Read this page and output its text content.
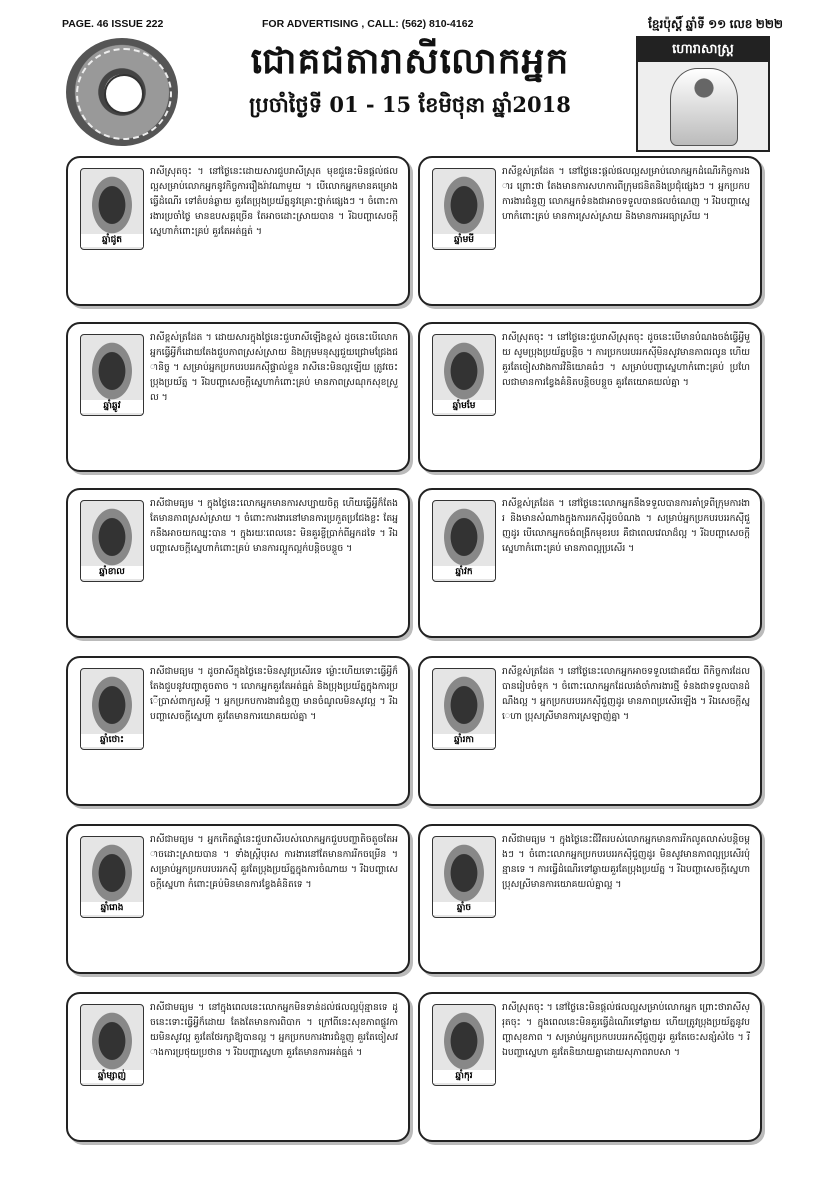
PAGE. 46 ISSUE 222	FOR ADVERTISING , CALL: (562) 810-4162	ខ្មែរប៉ុស្តិ៍ ឆ្នាំទី ១១ លេខ ២២២
ជោគជតារាសីលោកអ្នក
ប្រចាំថ្ងៃទី 01 - 15 ខែមិថុនា ឆ្នាំ2018
ហោរាសាស្ត្រ
ឆ្នាំជូត
រាសីស្រុតចុះ ។ នៅថ្ងៃនេះដោយសារជួបរាសីស្រុត មុខជួនេះមិនផ្តល់ផលល្អសម្រាប់លោកអ្នកនូវកិច្ចការរឿងរ៉ាវណាមួយ ។ បើលោកអ្នកមានគម្រោងធ្វើដំណើរ ទៅតំបន់ឆ្ងាយ គួរតែប្រុងប្រយ័ត្ននូវគ្រោះថ្នាក់ផ្សេងៗ ។ ចំពោះការងារប្រចាំថ្ងៃ មានឧបសគ្គច្រើន តែអាចដោះស្រាយបាន ។ រីឯបញ្ហាសេចក្តីស្នេហាកំពោះគ្រប់ គួរតែអត់ធ្មត់ ។
ឆ្នាំមមី
រាសីខ្ពស់ត្រដែត ។ នៅថ្ងៃនេះផ្តល់ផលល្អសម្រាប់លោកអ្នកដំណើរកិច្ចការងារ ព្រោះថា តែងមានការសហការពីក្រុមជនិតនិងប្រជុំផ្សេងៗ ។ អ្នកប្រកបការងារជំនួញ លោកអ្នកទំនងជាអាចទទួលបានផលចំណេញ ។ រីឯបញ្ហាស្នេហាកំពោះគ្រប់ មានការស្រស់ស្រាយ និងមានការអធ្យាស្រ័យ ។
ឆ្នាំឆ្លូវ
រាសីខ្ពស់ត្រដែត ។ ដោយសារក្នុងថ្ងៃនេះជួបរាសីឡើងខ្ពស់ ដូចនេះបើលោកអ្នកធ្វើអ្វីក៏ដោយតែងជួបភាពស្រស់ស្រាយ និងក្រុមមនុស្សជួយជ្រោមជ្រែងជានិច្ច ។ សម្រាប់អ្នកប្រកបរបររកស៊ីផ្ទាល់ខ្លួន រាសីនេះមិនល្អឡើយ ត្រូវចេះប្រុងប្រយ័ត្ន ។ រីឯបញ្ហាសេចក្តីស្នេហាកំពោះគ្រប់ មានភាពស្រណុកសុខស្រួល ។
ឆ្នាំមមែ
រាសីស្រុតចុះ ។ នៅថ្ងៃនេះជួបរាសីស្រុតចុះ ដូចនេះបើមានបំណងចង់ធ្វើអ្វីមួយ សូមប្រុងប្រយ័ត្នបន្តិច ។ ការប្រកបរបររកស៊ីមិនសូវមានភាពរលូន ហើយគួរតែចៀសវាងការវិនិយោគធំៗ ។ សម្រាប់បញ្ហាស្នេហាកំពោះគ្រប់ ប្រហែលជាមានការខ្វែងគំនិតបន្តិចបន្តួច គួរតែយោគយល់គ្នា ។
ឆ្នាំខាល
រាសីជាមធ្យម ។ ក្នុងថ្ងៃនេះលោកអ្នកមានការសប្បាយចិត្ត ហើយធ្វើអ្វីក៏តែងតែមានភាពស្រស់ស្រាយ ។ ចំពោះការងារនៅមានការប្រកួតប្រជែងខ្លះ តែអ្នកនឹងអាចយកឈ្នះបាន ។ ក្នុងរយៈពេលនេះ មិនគួរខ្ចីប្រាក់ពីអ្នកដទៃ ។ រីឯបញ្ហាសេចក្តីស្នេហាកំពោះគ្រប់ មានការល្អូកល្អក់បន្តិចបន្តួច ។
ឆ្នាំវក
រាសីខ្ពស់ត្រដែត ។ នៅថ្ងៃនេះលោកអ្នកនឹងទទួលបានការគាំទ្រពីក្រុមការងារ និងមានសំណាងក្នុងការរកស៊ីដូចបំណង ។ សម្រាប់អ្នកប្រកបរបររកស៊ីជួញដូរ បើលោកអ្នកចង់ពង្រីកមុខរបរ គឺជាពេលវេលាដ៏ល្អ ។ រីឯបញ្ហាសេចក្តីស្នេហាកំពោះគ្រប់ មានភាពល្អប្រសើរ ។
ឆ្នាំថោះ
រាសីជាមធ្យម ។ ដូចរាសីក្នុងថ្ងៃនេះមិនសូវប្រសើរទេ ម៉្លោះហើយទោះធ្វើអ្វីក៏តែងជួបនូវបញ្ហាតូចតាច ។ លោកអ្នកគួរតែអត់ធ្មត់ និងប្រុងប្រយ័ត្នក្នុងការប្រើប្រាស់ពាក្យសម្តី ។ អ្នកប្រកបការងារជំនួញ មានចំណូលមិនសូវល្អ ។ រីឯបញ្ហាសេចក្តីស្នេហា គួរតែមានការយោគយល់គ្នា ។
ឆ្នាំរកា
រាសីខ្ពស់ត្រដែត ។ នៅថ្ងៃនេះលោកអ្នកអាចទទួលជោគជ័យ ពីកិច្ចការដែលបានរៀបចំទុក ។ ចំពោះលោកអ្នកដែលរង់ចាំការងារថ្មី ទំនងជាទទួលបានដំណឹងល្អ ។ អ្នកប្រកបរបររកស៊ីជួញដូរ មានភាពប្រសើរឡើង ។ រីឯសេចក្តីស្នេហា ប្រុសស្រីមានការស្រឡាញ់គ្នា ។
ឆ្នាំរោង
រាសីជាមធ្យម ។ អ្នកកើតឆ្នាំនេះជួបរាសីរបស់លោកអ្នកជួបបញ្ហាតិចតួចតែអាចដោះស្រាយបាន ។ ទាំងស្ត្រីបុរស ការងារនៅតែមានការរីកចម្រើន ។ សម្រាប់អ្នកប្រកបរបររកស៊ី គួរតែប្រុងប្រយ័ត្នក្នុងការចំណាយ ។ រីឯបញ្ហាសេចក្តីស្នេហា កំពោះគ្រប់មិនមានការខ្វែងគំនិតទេ ។
ឆ្នាំច
រាសីជាមធ្យម ។ ក្នុងថ្ងៃនេះជីវិតរបស់លោកអ្នកមានការរីកលូតលាស់បន្តិចម្តងៗ ។ ចំពោះលោកអ្នកប្រកបរបររកស៊ីជួញដូរ មិនសូវមានភាពល្អប្រសើរប៉ុន្មានទេ ។ ការធ្វើដំណើរទៅឆ្ងាយគួរតែប្រុងប្រយ័ត្ន ។ រីឯបញ្ហាសេចក្តីស្នេហា ប្រុសស្រីមានការយោគយល់គ្នាល្អ ។
ឆ្នាំម្សាញ់
រាសីជាមធ្យម ។ នៅក្នុងពេលនេះលោកអ្នកមិនទាន់ដល់ផលល្អប៉ុន្មានទេ ដូចនេះទោះធ្វើអ្វីក៏ដោយ តែងតែមានការពិបាក ។ ក្រៅពីនេះសុខភាពផ្លូវកាយមិនសូវល្អ គួរតែថែរក្សាឱ្យបានល្អ ។ អ្នកប្រកបការងារជំនួញ គួរតែចៀសវាងការប្រថុយប្រថាន ។ រីឯបញ្ហាស្នេហា គួរតែមានការអត់ធ្មត់ ។
ឆ្នាំកុរ
រាសីស្រុតចុះ ។ នៅថ្ងៃនេះមិនផ្តល់ផលល្អសម្រាប់លោកអ្នក ព្រោះថារាសីស្រុតចុះ ។ ក្នុងពេលនេះមិនគួរធ្វើដំណើរទៅឆ្ងាយ ហើយត្រូវប្រុងប្រយ័ត្ននូវបញ្ហាសុខភាព ។ សម្រាប់អ្នកប្រកបរបររកស៊ីជួញដូរ គួរតែចេះសន្សំសំចៃ ។ រីឯបញ្ហាស្នេហា គួរតែនិយាយគ្នាដោយសុភាពរាបសា ។
